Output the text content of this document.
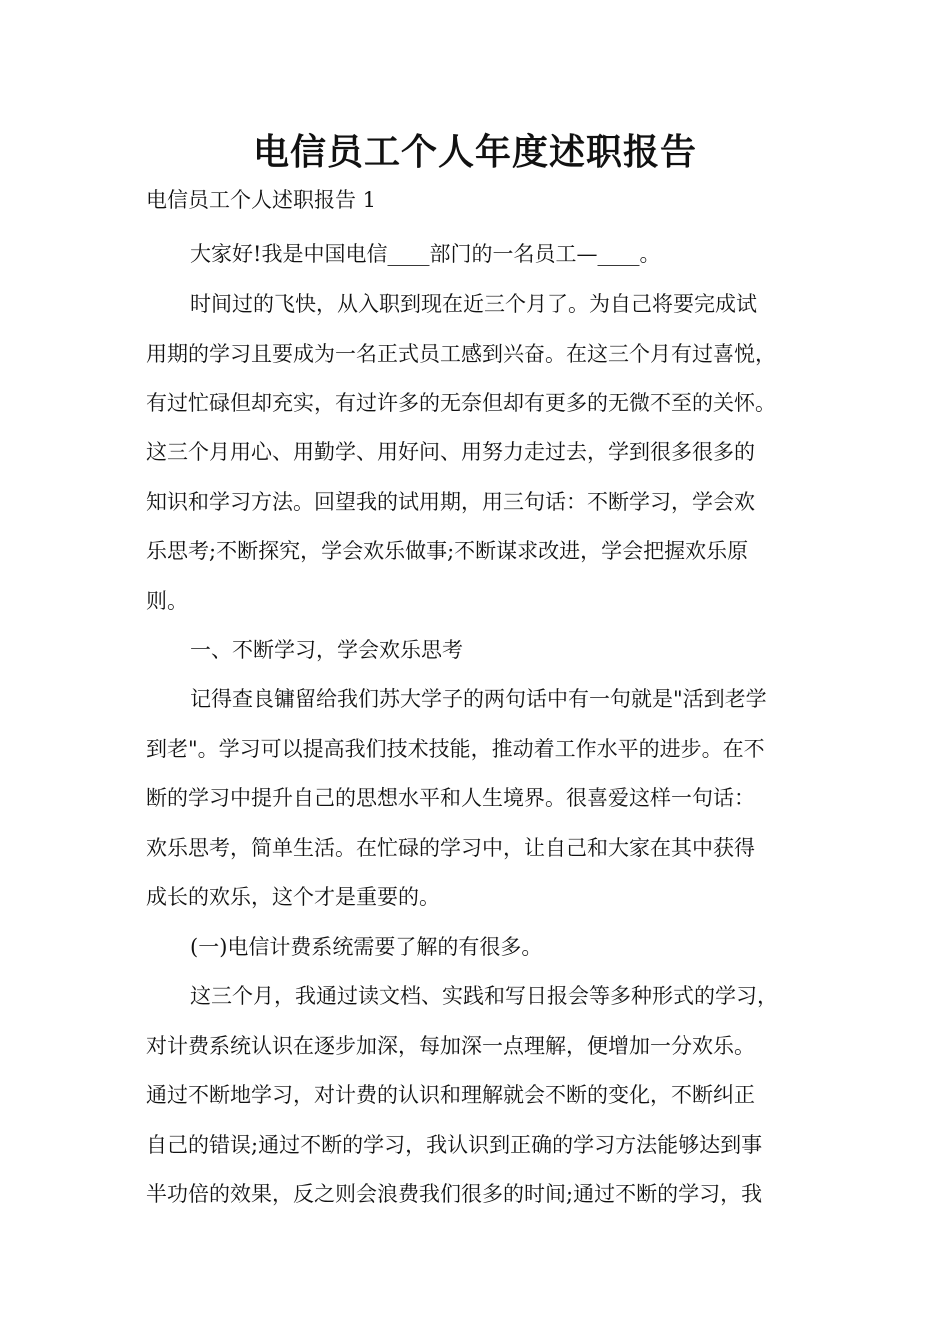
电信员工个人年度述职报告
电信员工个人述职报告 1
大家好!我是中国电信____部门的一名员工—____。
时间过的飞快，从入职到现在近三个月了。为自己将要完成试
用期的学习且要成为一名正式员工感到兴奋。在这三个月有过喜悦，
有过忙碌但却充实，有过许多的无奈但却有更多的无微不至的关怀。
这三个月用心、用勤学、用好问、用努力走过去，学到很多很多的
知识和学习方法。回望我的试用期，用三句话：不断学习，学会欢
乐思考;不断探究，学会欢乐做事;不断谋求改进，学会把握欢乐原
则。
一、不断学习，学会欢乐思考
记得查良镛留给我们苏大学子的两句话中有一句就是"活到老学
到老"。学习可以提高我们技术技能，推动着工作水平的进步。在不
断的学习中提升自己的思想水平和人生境界。很喜爱这样一句话：
欢乐思考，简单生活。在忙碌的学习中，让自己和大家在其中获得
成长的欢乐，这个才是重要的。
(一)电信计费系统需要了解的有很多。
这三个月，我通过读文档、实践和写日报会等多种形式的学习，
对计费系统认识在逐步加深，每加深一点理解，便增加一分欢乐。
通过不断地学习，对计费的认识和理解就会不断的变化，不断纠正
自己的错误;通过不断的学习，我认识到正确的学习方法能够达到事
半功倍的效果，反之则会浪费我们很多的时间;通过不断的学习，我
